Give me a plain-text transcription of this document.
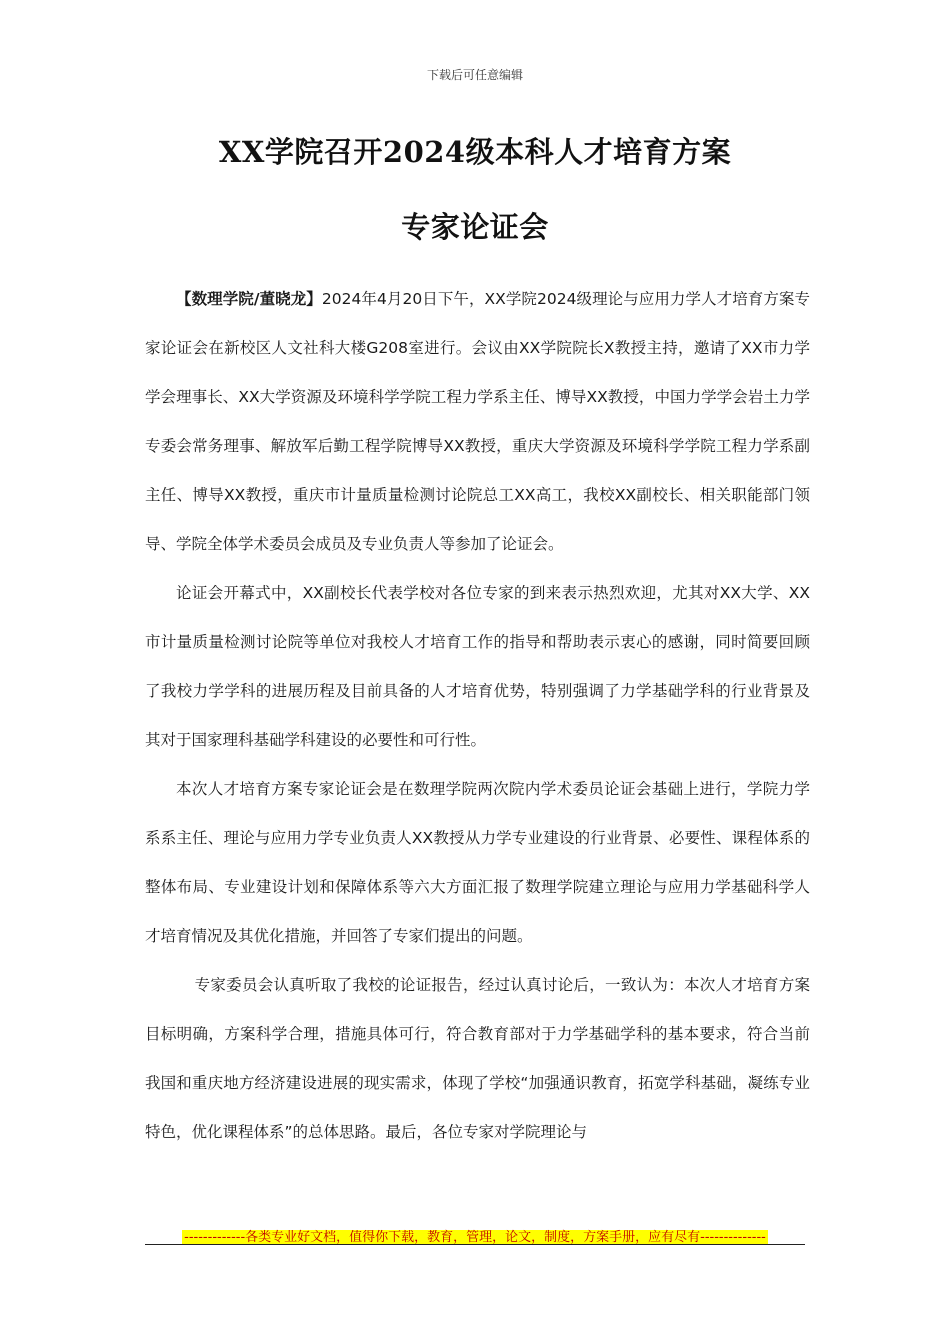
下载后可任意编辑
XX学院召开2024级本科人才培育方案
专家论证会

【数理学院/董晓龙】2024年4月20日下午，XX学院2024级理论与应用力学人才培育方案专家论证会在新校区人文社科大楼G208室进行。会议由XX学院院长X教授主持，邀请了XX市力学学会理事长、XX大学资源及环境科学学院工程力学系主任、博导XX教授，中国力学学会岩土力学专委会常务理事、解放军后勤工程学院博导XX教授，重庆大学资源及环境科学学院工程力学系副主任、博导XX教授，重庆市计量质量检测讨论院总工XX高工，我校XX副校长、相关职能部门领导、学院全体学术委员会成员及专业负责人等参加了论证会。

论证会开幕式中，XX副校长代表学校对各位专家的到来表示热烈欢迎，尤其对XX大学、XX市计量质量检测讨论院等单位对我校人才培育工作的指导和帮助表示衷心的感谢，同时简要回顾了我校力学学科的进展历程及目前具备的人才培育优势，特别强调了力学基础学科的行业背景及其对于国家理科基础学科建设的必要性和可行性。

本次人才培育方案专家论证会是在数理学院两次院内学术委员论证会基础上进行，学院力学系系主任、理论与应用力学专业负责人XX教授从力学专业建设的行业背景、必要性、课程体系的整体布局、专业建设计划和保障体系等六大方面汇报了数理学院建立理论与应用力学基础科学人才培育情况及其优化措施，并回答了专家们提出的问题。

专家委员会认真听取了我校的论证报告，经过认真讨论后，一致认为：本次人才培育方案目标明确，方案科学合理，措施具体可行，符合教育部对于力学基础学科的基本要求，符合当前我国和重庆地方经济建设进展的现实需求，体现了学校“加强通识教育，拓宽学科基础，凝练专业特色，优化课程体系”的总体思路。最后，各位专家对学院理论与

-------------各类专业好文档，值得你下载，教育，管理，论文，制度，方案手册，应有尽有--------------
